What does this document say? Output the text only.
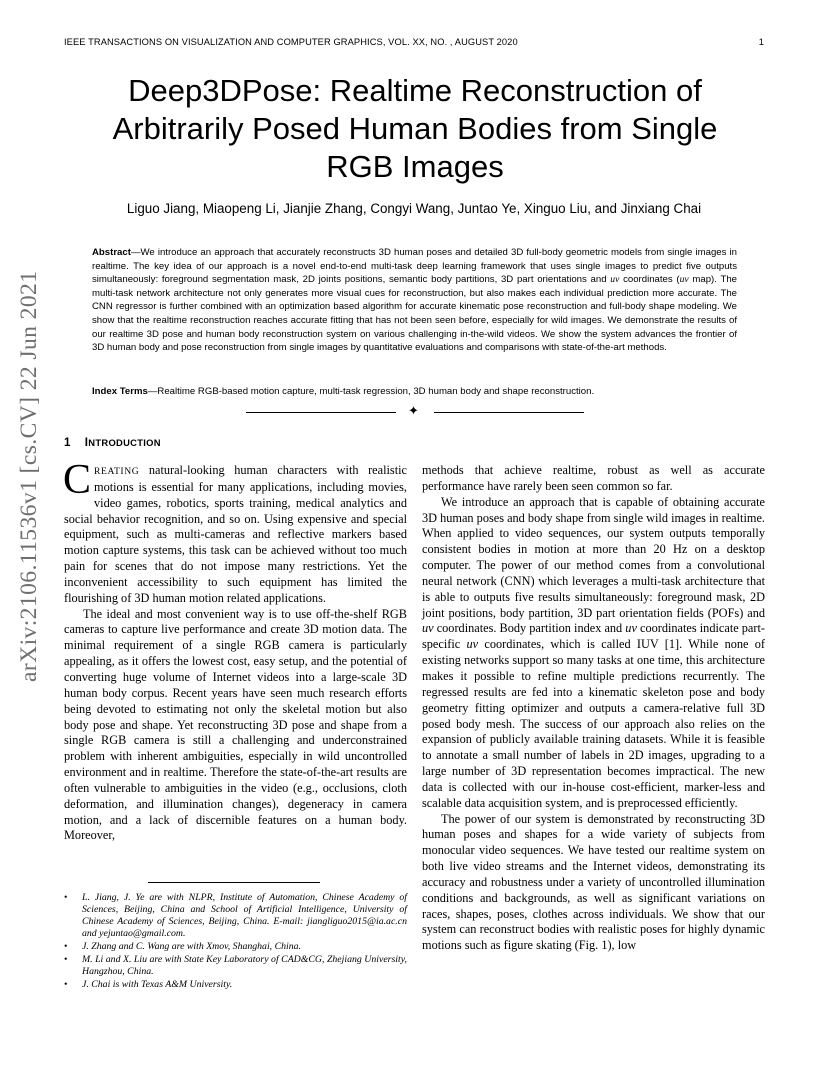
IEEE TRANSACTIONS ON VISUALIZATION AND COMPUTER GRAPHICS, VOL. XX, NO. , AUGUST 2020	1
Deep3DPose: Realtime Reconstruction of Arbitrarily Posed Human Bodies from Single RGB Images
Liguo Jiang, Miaopeng Li, Jianjie Zhang, Congyi Wang, Juntao Ye, Xinguo Liu, and Jinxiang Chai
Abstract—We introduce an approach that accurately reconstructs 3D human poses and detailed 3D full-body geometric models from single images in realtime. The key idea of our approach is a novel end-to-end multi-task deep learning framework that uses single images to predict five outputs simultaneously: foreground segmentation mask, 2D joints positions, semantic body partitions, 3D part orientations and uv coordinates (uv map). The multi-task network architecture not only generates more visual cues for reconstruction, but also makes each individual prediction more accurate. The CNN regressor is further combined with an optimization based algorithm for accurate kinematic pose reconstruction and full-body shape modeling. We show that the realtime reconstruction reaches accurate fitting that has not been seen before, especially for wild images. We demonstrate the results of our realtime 3D pose and human body reconstruction system on various challenging in-the-wild videos. We show the system advances the frontier of 3D human body and pose reconstruction from single images by quantitative evaluations and comparisons with state-of-the-art methods.
Index Terms—Realtime RGB-based motion capture, multi-task regression, 3D human body and shape reconstruction.
✦
arXiv:2106.11536v1 [cs.CV] 22 Jun 2021	1 INTRODUCTION

CREATING natural-looking human characters with realistic motions is essential for many applications, including movies, video games, robotics, sports training, medical analytics and social behavior recognition, and so on. Using expensive and special equipment, such as multi-cameras and reflective markers based motion capture systems, this task can be achieved without too much pain for scenes that do not impose many restrictions. Yet the inconvenient accessibility to such equipment has limited the flourishing of 3D human motion related applications.

The ideal and most convenient way is to use off-the-shelf RGB cameras to capture live performance and create 3D motion data. The minimal requirement of a single RGB camera is particularly appealing, as it offers the lowest cost, easy setup, and the potential of converting huge volume of Internet videos into a large-scale 3D human body corpus. Recent years have seen much research efforts being devoted to estimating not only the skeletal motion but also body pose and shape. Yet reconstructing 3D pose and shape from a single RGB camera is still a challenging and underconstrained problem with inherent ambiguities, especially in wild uncontrolled environment and in realtime. Therefore the state-of-the-art results are often vulnerable to ambiguities in the video (e.g., occlusions, cloth deformation, and illumination changes), degeneracy in camera motion, and a lack of discernible features on a human body. Moreover,

methods that achieve realtime, robust as well as accurate performance have rarely been seen common so far.

We introduce an approach that is capable of obtaining accurate 3D human poses and body shape from single wild images in realtime. When applied to video sequences, our system outputs temporally consistent bodies in motion at more than 20 Hz on a desktop computer. The power of our method comes from a convolutional neural network (CNN) which leverages a multi-task architecture that is able to outputs five results simultaneously: foreground mask, 2D joint positions, body partition, 3D part orientation fields (POFs) and uv coordinates. Body partition index and uv coordinates indicate part-specific uv coordinates, which is called IUV [1]. While none of existing networks support so many tasks at one time, this architecture makes it possible to refine multiple predictions recurrently. The regressed results are fed into a kinematic skeleton pose and body geometry fitting optimizer and outputs a camera-relative full 3D posed body mesh. The success of our approach also relies on the expansion of publicly available training datasets. While it is feasible to annotate a small number of labels in 2D images, upgrading to a large number of 3D representation becomes impractical. The new data is collected with our in-house cost-efficient, marker-less and scalable data acquisition system, and is preprocessed efficiently.

The power of our system is demonstrated by reconstructing 3D human poses and shapes for a wide variety of subjects from monocular video sequences. We have tested our realtime system on both live video streams and the Internet videos, demonstrating its accuracy and robustness under a variety of uncontrolled illumination conditions and backgrounds, as well as significant variations on races, shapes, poses, clothes across individuals. We show that our system can reconstruct bodies with realistic poses for highly dynamic motions such as figure skating (Fig. 1), low

• L. Jiang, J. Ye are with NLPR, Institute of Automation, Chinese Academy of Sciences, Beijing, China and School of Artificial Intelligence, University of Chinese Academy of Sciences, Beijing, China. E-mail: jiangliguo2015@ia.ac.cn and yejuntao@gmail.com.
• J. Zhang and C. Wang are with Xmov, Shanghai, China.
• M. Li and X. Liu are with State Key Laboratory of CAD&CG, Zhejiang University, Hangzhou, China.
• J. Chai is with Texas A&M University.
